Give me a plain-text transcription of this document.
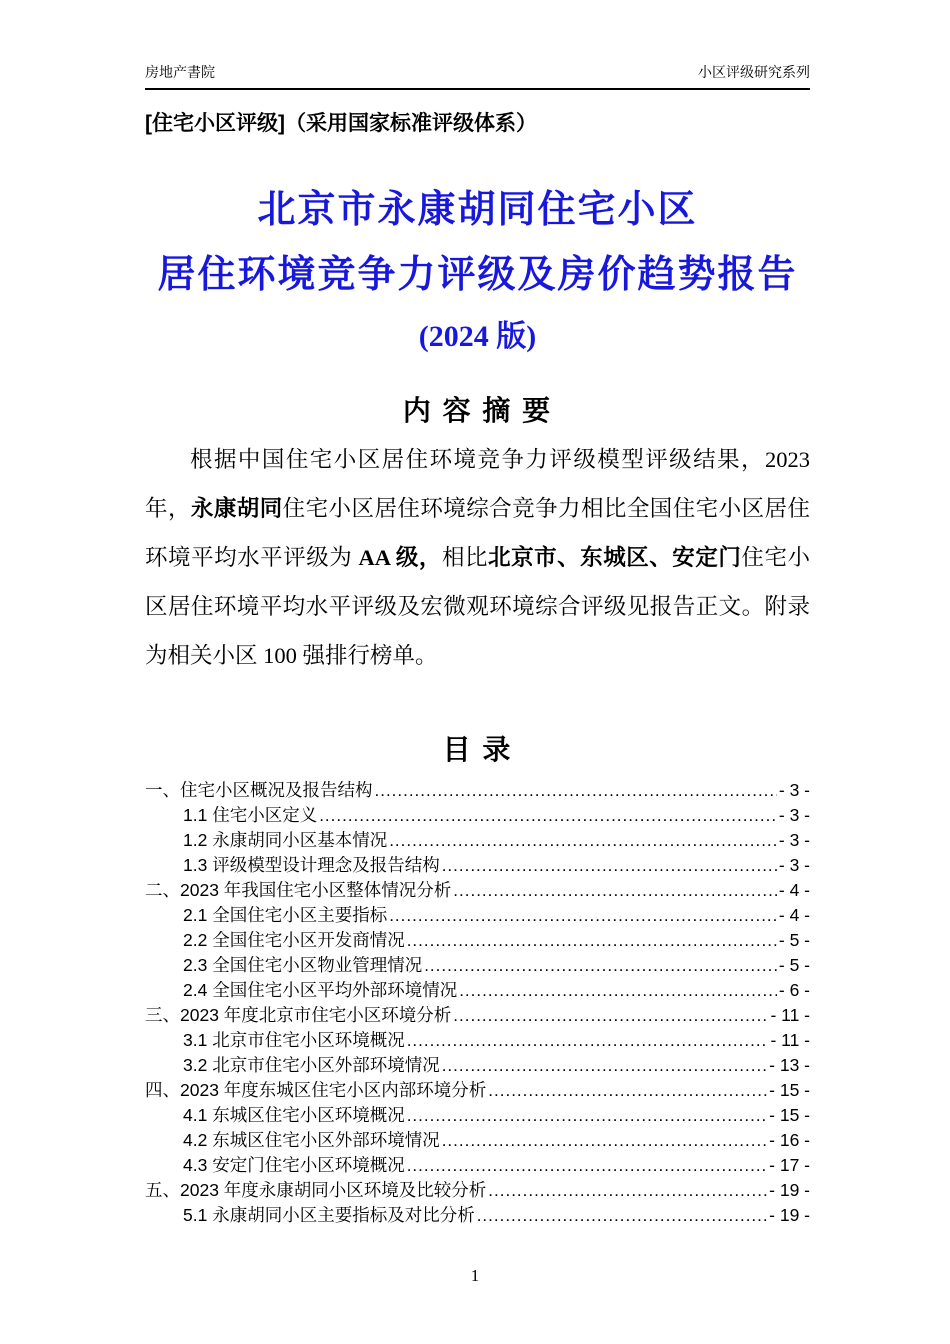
房地产書院	小区评级研究系列
[住宅小区评级]（采用国家标准评级体系）
北京市永康胡同住宅小区
居住环境竞争力评级及房价趋势报告
(2024 版)
内 容 摘 要

根据中国住宅小区居住环境竞争力评级模型评级结果，2023 年，永康胡同住宅小区居住环境综合竞争力相比全国住宅小区居住环境平均水平评级为 AA 级，相比北京市、东城区、安定门住宅小区居住环境平均水平评级及宏微观环境综合评级见报告正文。附录为相关小区 100 强排行榜单。

目 录
一、住宅小区概况及报告结构 .....	- 3 -
1.1 住宅小区定义 .....	- 3 -
1.2 永康胡同小区基本情况 .....	- 3 -
1.3 评级模型设计理念及报告结构 .....	- 3 -
二、2023 年我国住宅小区整体情况分析 .....	- 4 -
2.1 全国住宅小区主要指标 .....	- 4 -
2.2 全国住宅小区开发商情况 .....	- 5 -
2.3 全国住宅小区物业管理情况 .....	- 5 -
2.4 全国住宅小区平均外部环境情况 .....	- 6 -
三、2023 年度北京市住宅小区环境分析 .....	- 11 -
3.1 北京市住宅小区环境概况 .....	- 11 -
3.2 北京市住宅小区外部环境情况 .....	- 13 -
四、2023 年度东城区住宅小区内部环境分析 .....	- 15 -
4.1 东城区住宅小区环境概况 .....	- 15 -
4.2 东城区住宅小区外部环境情况 .....	- 16 -
4.3 安定门住宅小区环境概况 .....	- 17 -
五、2023 年度永康胡同小区环境及比较分析 .....	- 19 -
5.1 永康胡同小区主要指标及对比分析 .....	- 19 -
1
